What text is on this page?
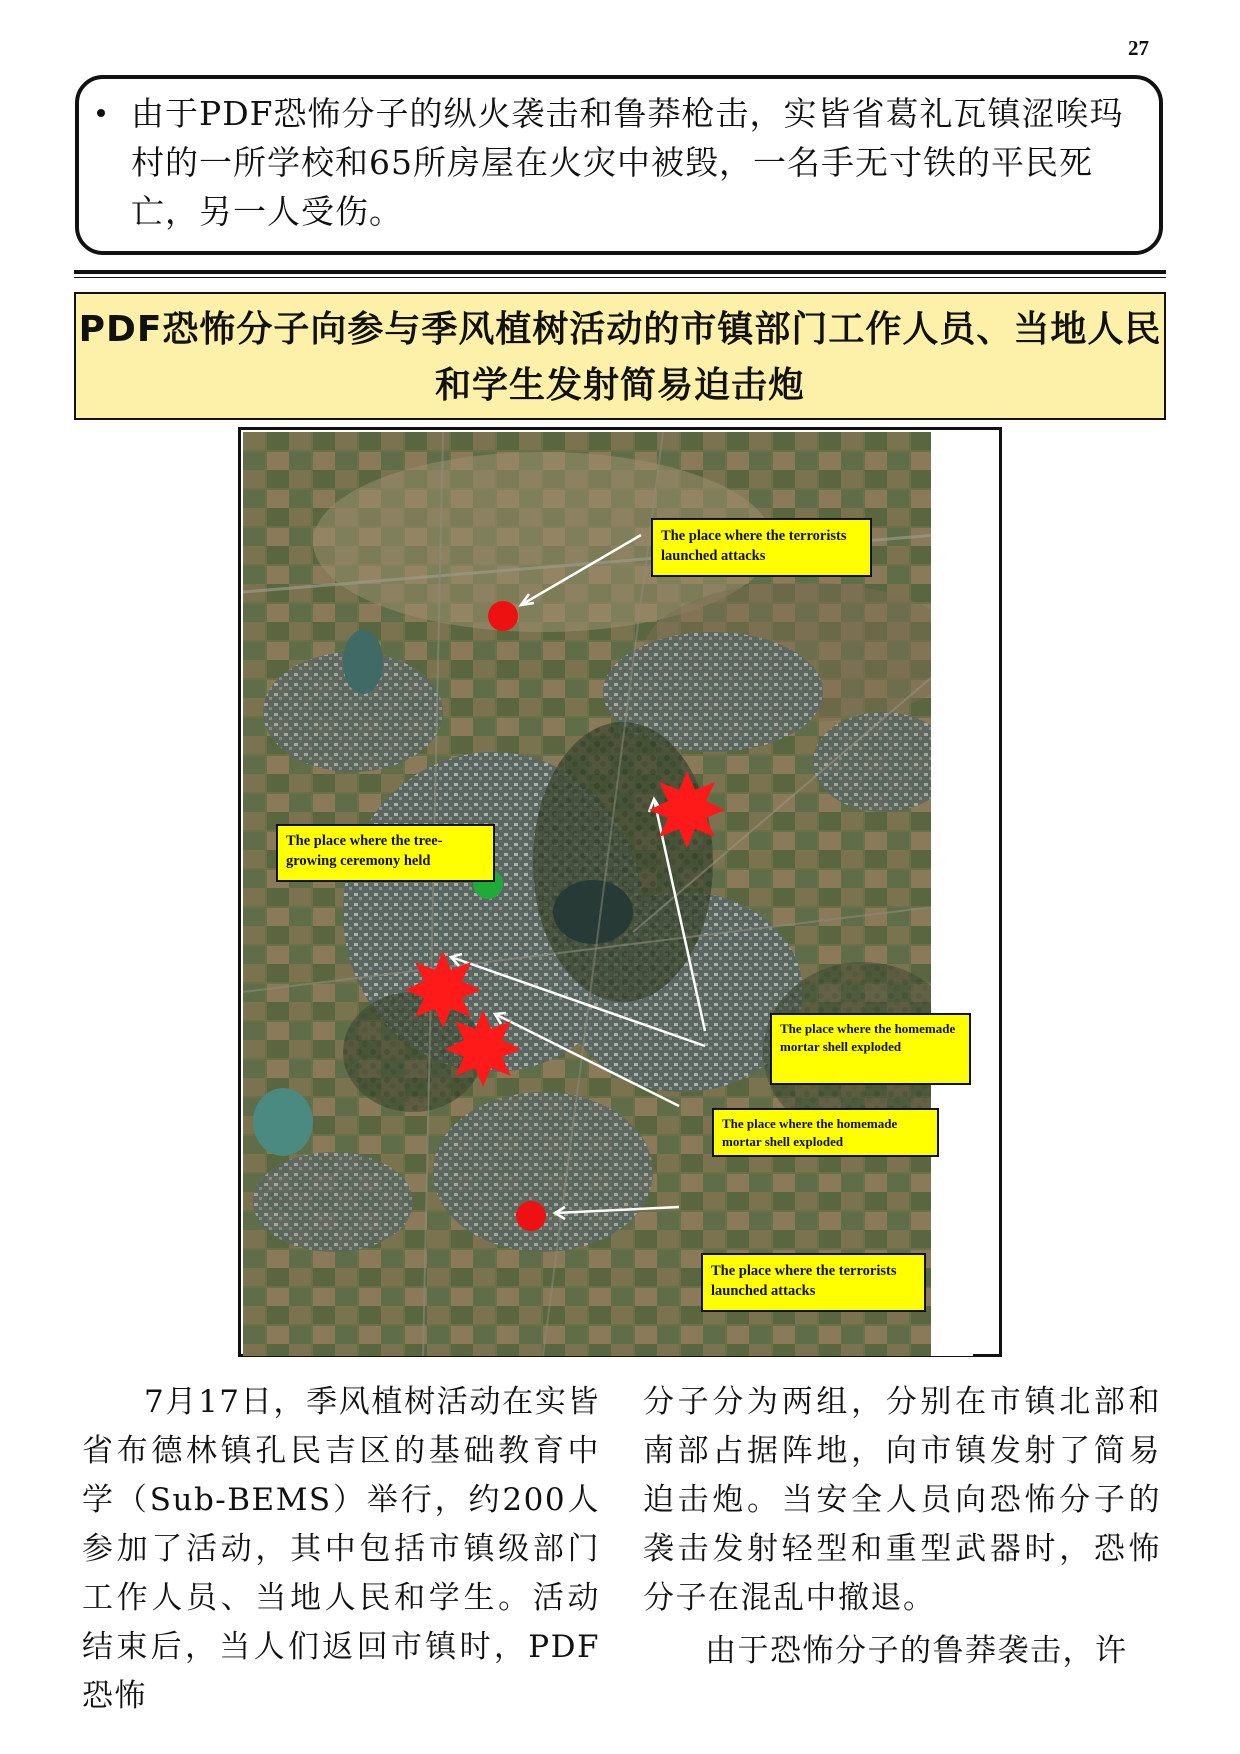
27
由于PDF恐怖分子的纵火袭击和鲁莽枪击，实皆省葛礼瓦镇涩唉玛村的一所学校和65所房屋在火灾中被毁，一名手无寸铁的平民死亡，另一人受伤。
PDF恐怖分子向参与季风植树活动的市镇部门工作人员、当地人民
和学生发射简易迫击炮
The place where the terrorists launched attacks
The place where the tree-growing ceremony held
The place where the homemade mortar shell exploded
The place where the homemade mortar shell exploded
The place where the terrorists launched attacks

7月17日，季风植树活动在实皆省布德林镇孔民吉区的基础教育中学（Sub-BEMS）举行，约200人参加了活动，其中包括市镇级部门工作人员、当地人民和学生。活动结束后，当人们返回市镇时，PDF恐怖

分子分为两组，分别在市镇北部和南部占据阵地，向市镇发射了简易迫击炮。当安全人员向恐怖分子的袭击发射轻型和重型武器时，恐怖分子在混乱中撤退。

由于恐怖分子的鲁莽袭击，许
